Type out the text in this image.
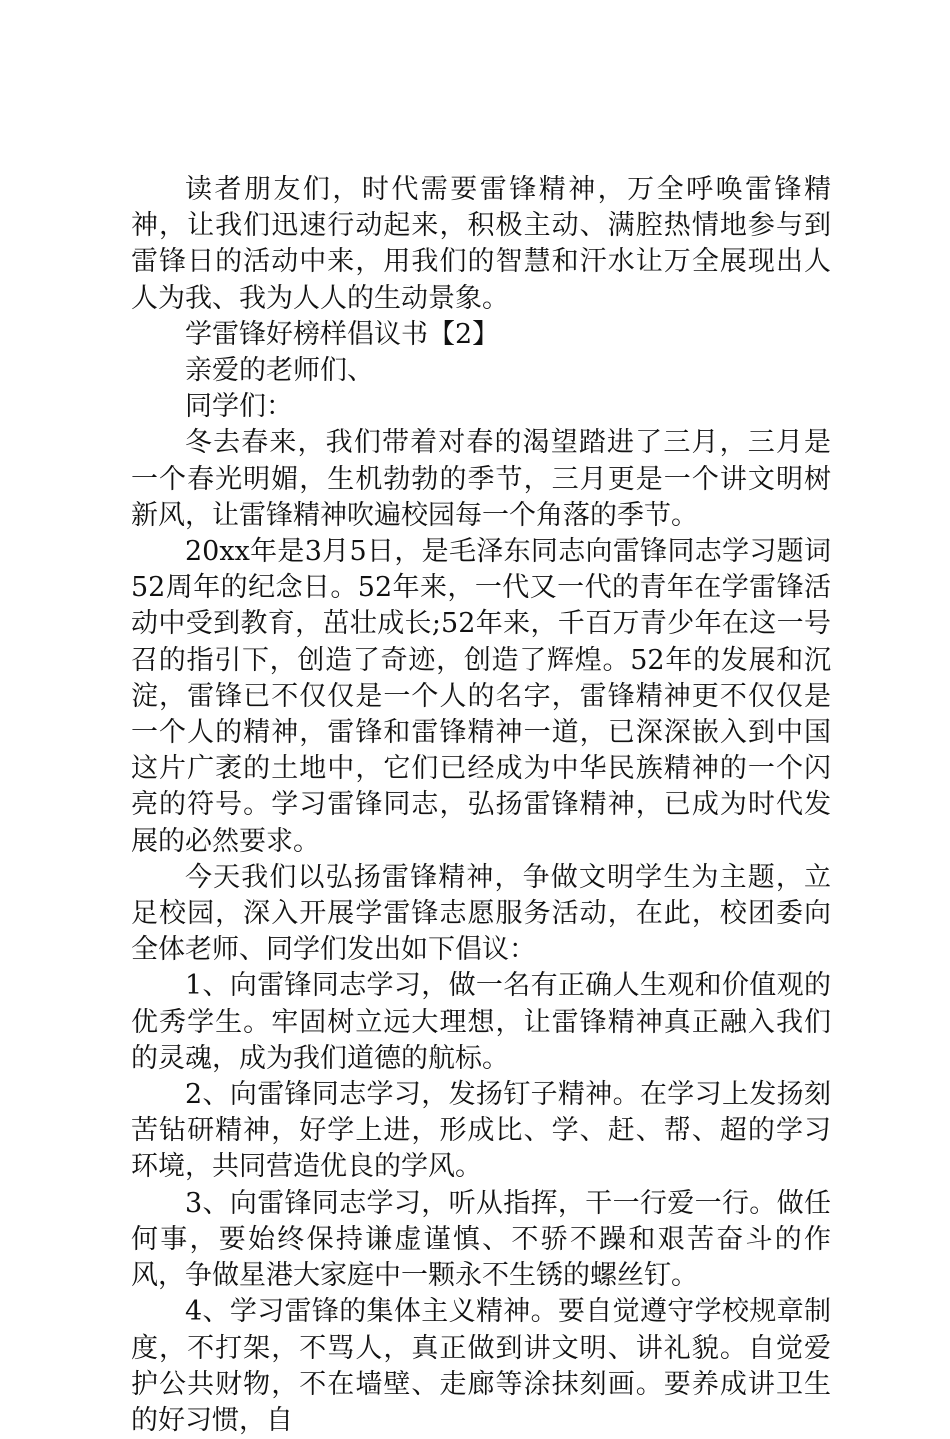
读者朋友们，时代需要雷锋精神，万全呼唤雷锋精神，让我们迅速行动起来，积极主动、满腔热情地参与到雷锋日的活动中来，用我们的智慧和汗水让万全展现出人人为我、我为人人的生动景象。

学雷锋好榜样倡议书【2】

亲爱的老师们、

同学们：

冬去春来，我们带着对春的渴望踏进了三月，三月是一个春光明媚，生机勃勃的季节，三月更是一个讲文明树新风，让雷锋精神吹遍校园每一个角落的季节。

20xx年是3月5日，是毛泽东同志向雷锋同志学习题词52周年的纪念日。52年来，一代又一代的青年在学雷锋活动中受到教育，茁壮成长;52年来，千百万青少年在这一号召的指引下，创造了奇迹，创造了辉煌。52年的发展和沉淀，雷锋已不仅仅是一个人的名字，雷锋精神更不仅仅是一个人的精神，雷锋和雷锋精神一道，已深深嵌入到中国这片广袤的土地中，它们已经成为中华民族精神的一个闪亮的符号。学习雷锋同志，弘扬雷锋精神，已成为时代发展的必然要求。

今天我们以弘扬雷锋精神，争做文明学生为主题，立足校园，深入开展学雷锋志愿服务活动，在此，校团委向全体老师、同学们发出如下倡议：

1、向雷锋同志学习，做一名有正确人生观和价值观的优秀学生。牢固树立远大理想，让雷锋精神真正融入我们的灵魂，成为我们道德的航标。

2、向雷锋同志学习，发扬钉子精神。在学习上发扬刻苦钻研精神，好学上进，形成比、学、赶、帮、超的学习环境，共同营造优良的学风。

3、向雷锋同志学习，听从指挥，干一行爱一行。做任何事，要始终保持谦虚谨慎、不骄不躁和艰苦奋斗的作风，争做星港大家庭中一颗永不生锈的螺丝钉。

4、学习雷锋的集体主义精神。要自觉遵守学校规章制度，不打架，不骂人，真正做到讲文明、讲礼貌。自觉爱护公共财物，不在墙壁、走廊等涂抹刻画。要养成讲卫生的好习惯，自
